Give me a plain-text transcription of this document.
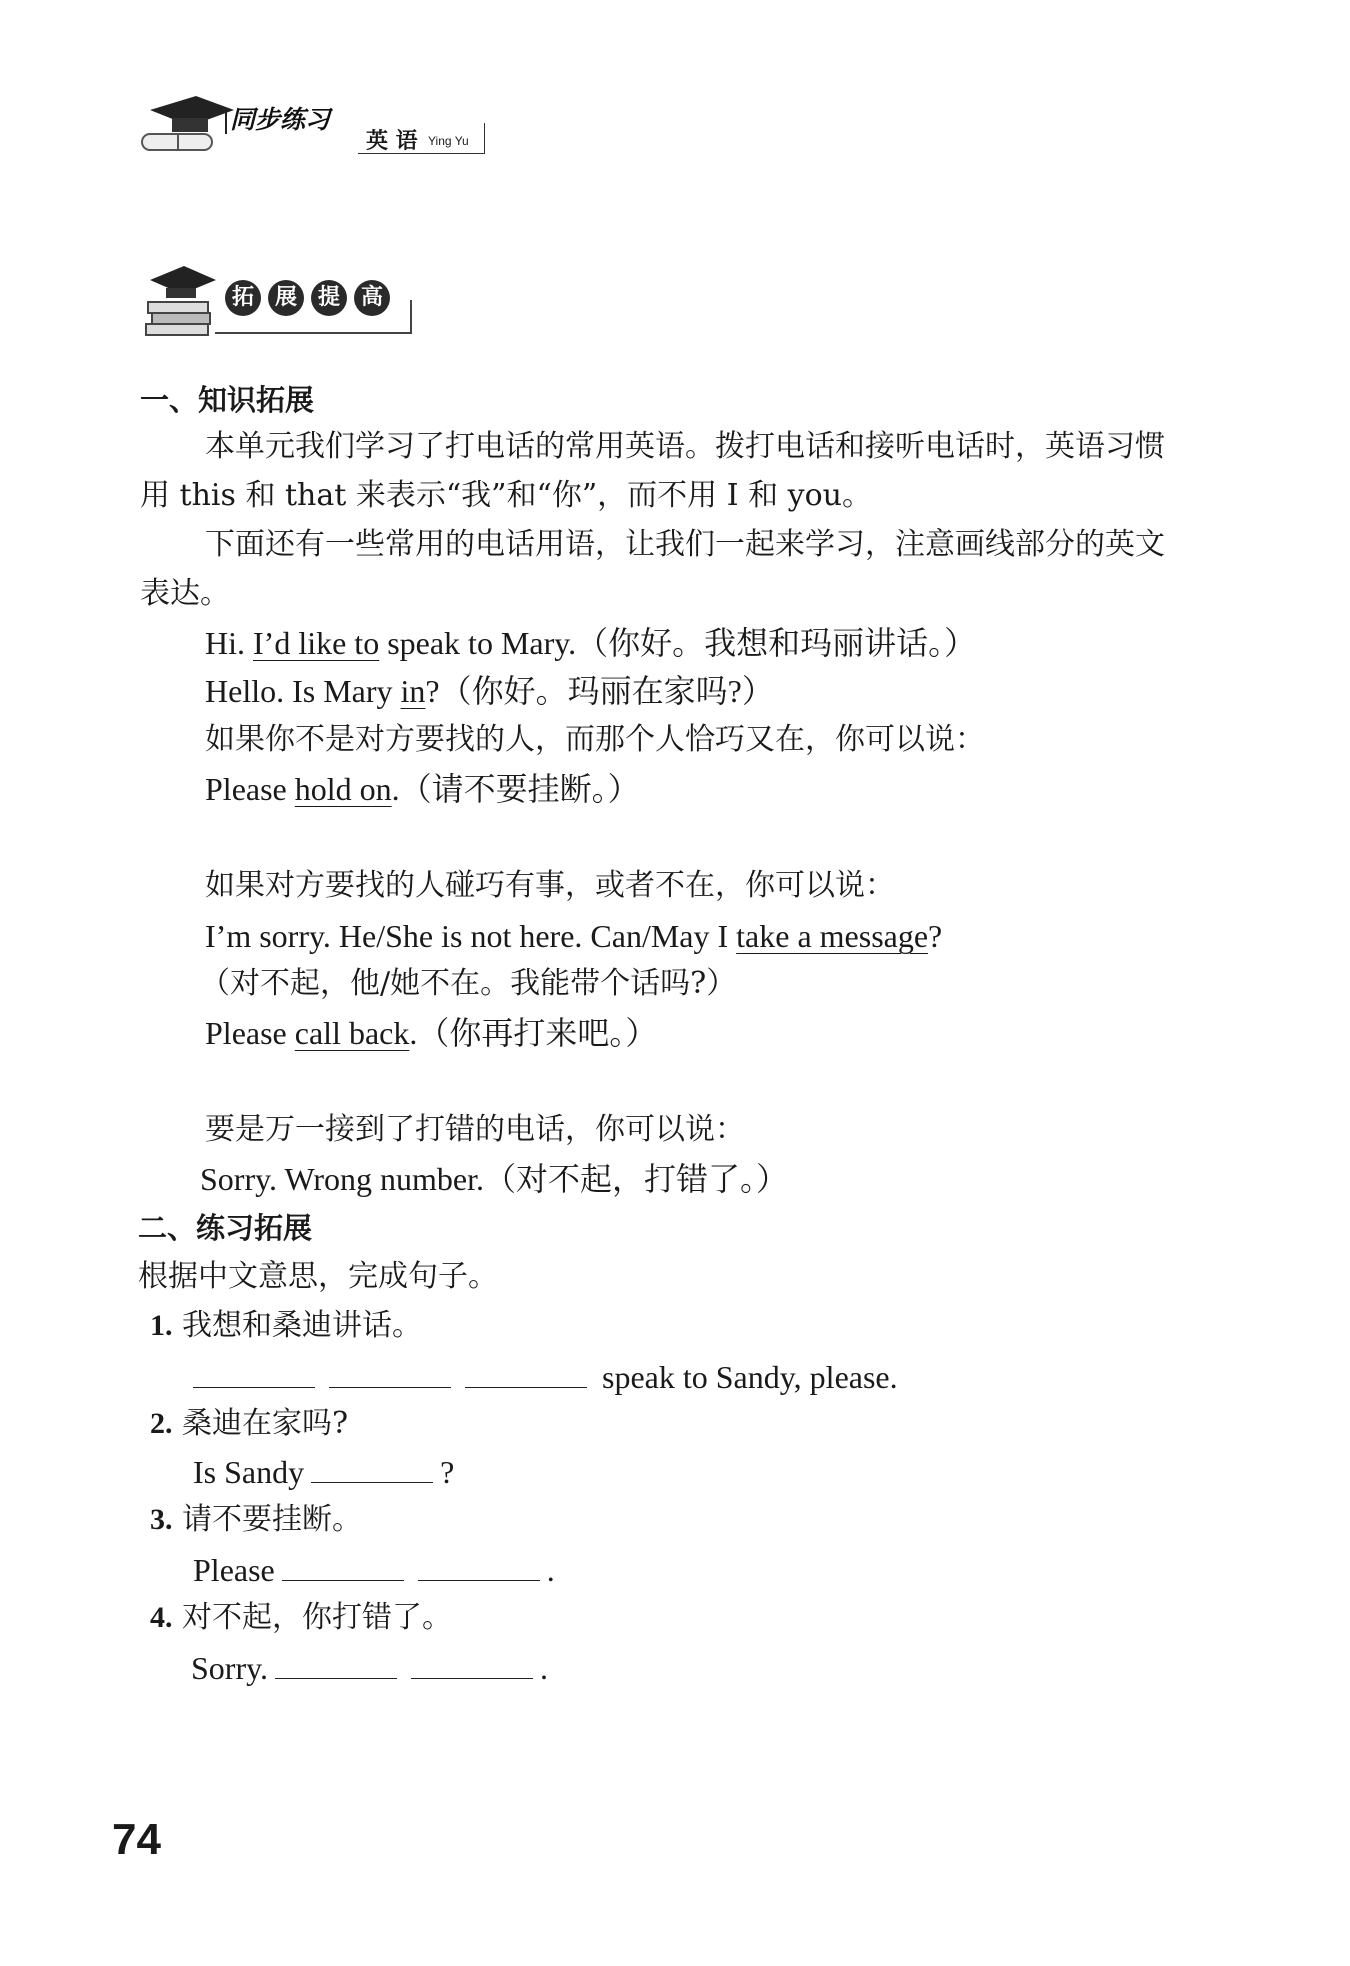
同步练习
英 语 Ying Yu
拓 展 提 高
一、知识拓展
本单元我们学习了打电话的常用英语。拨打电话和接听电话时，英语习惯
用 this 和 that 来表示“我”和“你”，而不用 I 和 you。
下面还有一些常用的电话用语，让我们一起来学习，注意画线部分的英文
表达。
Hi. I’d like to speak to Mary.（你好。我想和玛丽讲话。）
Hello. Is Mary in?（你好。玛丽在家吗?）
如果你不是对方要找的人，而那个人恰巧又在，你可以说：
Please hold on.（请不要挂断。）
如果对方要找的人碰巧有事，或者不在，你可以说：
I’m sorry. He/She is not here. Can/May I take a message?
（对不起，他/她不在。我能带个话吗?）
Please call back.（你再打来吧。）
要是万一接到了打错的电话，你可以说：
Sorry. Wrong number.（对不起，打错了。）
二、练习拓展
根据中文意思，完成句子。
1. 我想和桑迪讲话。
speak to Sandy, please.
2. 桑迪在家吗?
Is Sandy	?
3. 请不要挂断。
Please	.
4. 对不起，你打错了。
Sorry.	.
74
